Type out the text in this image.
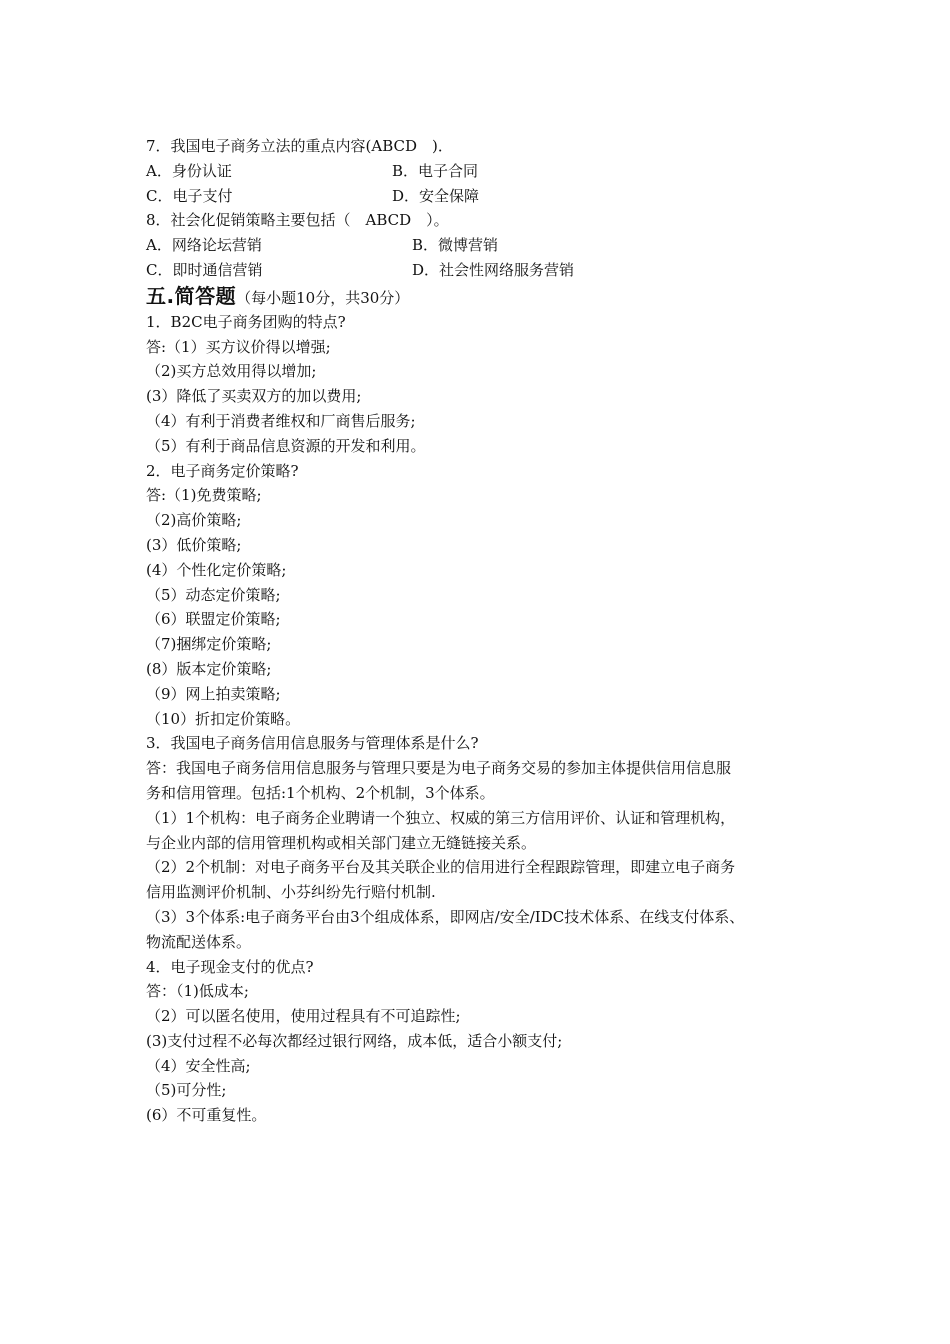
7．我国电子商务立法的重点内容(ABCD　)．
A．身份认证	B．电子合同
C．电子支付	D．安全保障
8．社会化促销策略主要包括（　ABCD　）。
A．网络论坛营销	B．微博营销
C．即时通信营销	D．社会性网络服务营销
五.简答题 （每小题10分，共30分）
1．B2C电子商务团购的特点?
答:（1）买方议价得以增强;
（2)买方总效用得以增加;
(3）降低了买卖双方的加以费用;
（4）有利于消费者维权和厂商售后服务;
（5）有利于商品信息资源的开发和利用。
2．电子商务定价策略?
答:（1)免费策略;
（2)高价策略;
(3）低价策略;
(4）个性化定价策略;
（5）动态定价策略;
（6）联盟定价策略;
（7)捆绑定价策略;
(8）版本定价策略;
（9）网上拍卖策略;
（10）折扣定价策略。
3．我国电子商务信用信息服务与管理体系是什么?
答：我国电子商务信用信息服务与管理只要是为电子商务交易的参加主体提供信用信息服
务和信用管理。包括:1个机构、2个机制，3个体系。
（1）1个机构：电子商务企业聘请一个独立、权威的第三方信用评价、认证和管理机构，
与企业内部的信用管理机构或相关部门建立无缝链接关系。
（2）2个机制：对电子商务平台及其关联企业的信用进行全程跟踪管理，即建立电子商务
信用监测评价机制、小芬纠纷先行赔付机制.
（3）3个体系:电子商务平台由3个组成体系，即网店/安全/IDC技术体系、在线支付体系、
物流配送体系。
4．电子现金支付的优点?
答：（1)低成本;
（2）可以匿名使用，使用过程具有不可追踪性;
(3)支付过程不必每次都经过银行网络，成本低，适合小额支付;
（4）安全性高;
（5)可分性;
(6）不可重复性。
